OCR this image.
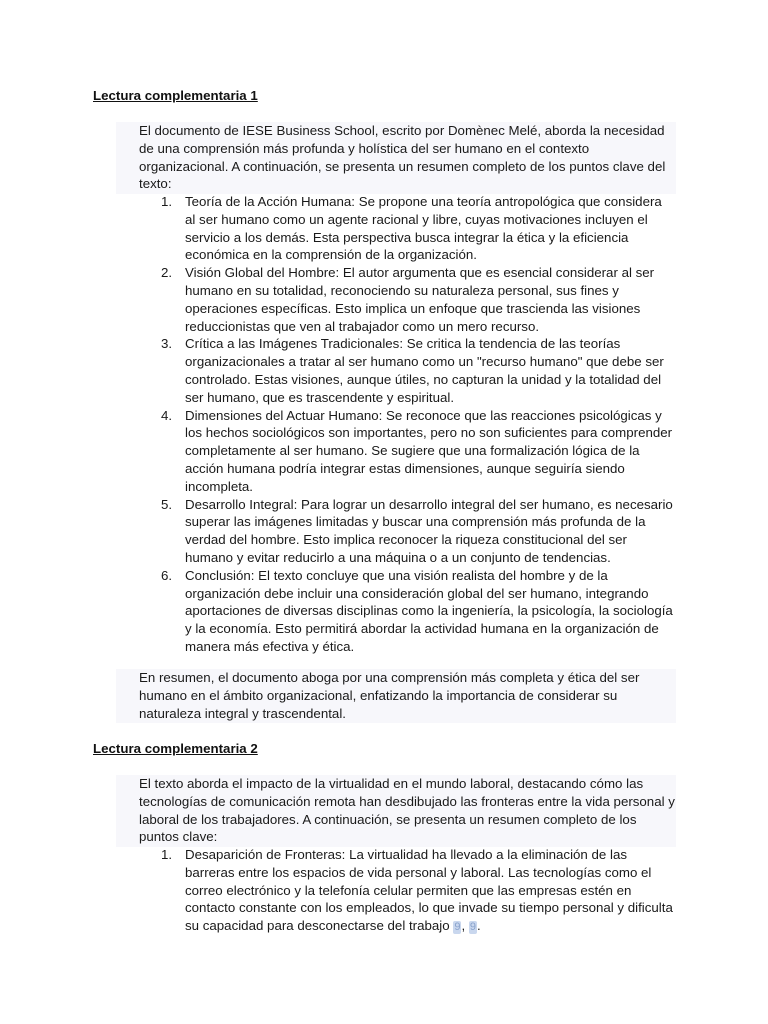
Lectura complementaria 1

El documento de IESE Business School, escrito por Domènec Melé, aborda la necesidad de una comprensión más profunda y holística del ser humano en el contexto organizacional. A continuación, se presenta un resumen completo de los puntos clave del texto:

1. Teoría de la Acción Humana: Se propone una teoría antropológica que considera al ser humano como un agente racional y libre, cuyas motivaciones incluyen el servicio a los demás. Esta perspectiva busca integrar la ética y la eficiencia económica en la comprensión de la organización.
2. Visión Global del Hombre: El autor argumenta que es esencial considerar al ser humano en su totalidad, reconociendo su naturaleza personal, sus fines y operaciones específicas. Esto implica un enfoque que trascienda las visiones reduccionistas que ven al trabajador como un mero recurso.
3. Crítica a las Imágenes Tradicionales: Se critica la tendencia de las teorías organizacionales a tratar al ser humano como un "recurso humano" que debe ser controlado. Estas visiones, aunque útiles, no capturan la unidad y la totalidad del ser humano, que es trascendente y espiritual.
4. Dimensiones del Actuar Humano: Se reconoce que las reacciones psicológicas y los hechos sociológicos son importantes, pero no son suficientes para comprender completamente al ser humano. Se sugiere que una formalización lógica de la acción humana podría integrar estas dimensiones, aunque seguiría siendo incompleta.
5. Desarrollo Integral: Para lograr un desarrollo integral del ser humano, es necesario superar las imágenes limitadas y buscar una comprensión más profunda de la verdad del hombre. Esto implica reconocer la riqueza constitucional del ser humano y evitar reducirlo a una máquina o a un conjunto de tendencias.
6. Conclusión: El texto concluye que una visión realista del hombre y de la organización debe incluir una consideración global del ser humano, integrando aportaciones de diversas disciplinas como la ingeniería, la psicología, la sociología y la economía. Esto permitirá abordar la actividad humana en la organización de manera más efectiva y ética.

En resumen, el documento aboga por una comprensión más completa y ética del ser humano en el ámbito organizacional, enfatizando la importancia de considerar su naturaleza integral y trascendental.

Lectura complementaria 2

El texto aborda el impacto de la virtualidad en el mundo laboral, destacando cómo las tecnologías de comunicación remota han desdibujado las fronteras entre la vida personal y laboral de los trabajadores. A continuación, se presenta un resumen completo de los puntos clave:

1. Desaparición de Fronteras: La virtualidad ha llevado a la eliminación de las barreras entre los espacios de vida personal y laboral. Las tecnologías como el correo electrónico y la telefonía celular permiten que las empresas estén en contacto constante con los empleados, lo que invade su tiempo personal y dificulta su capacidad para desconectarse del trabajo 9, 9.
